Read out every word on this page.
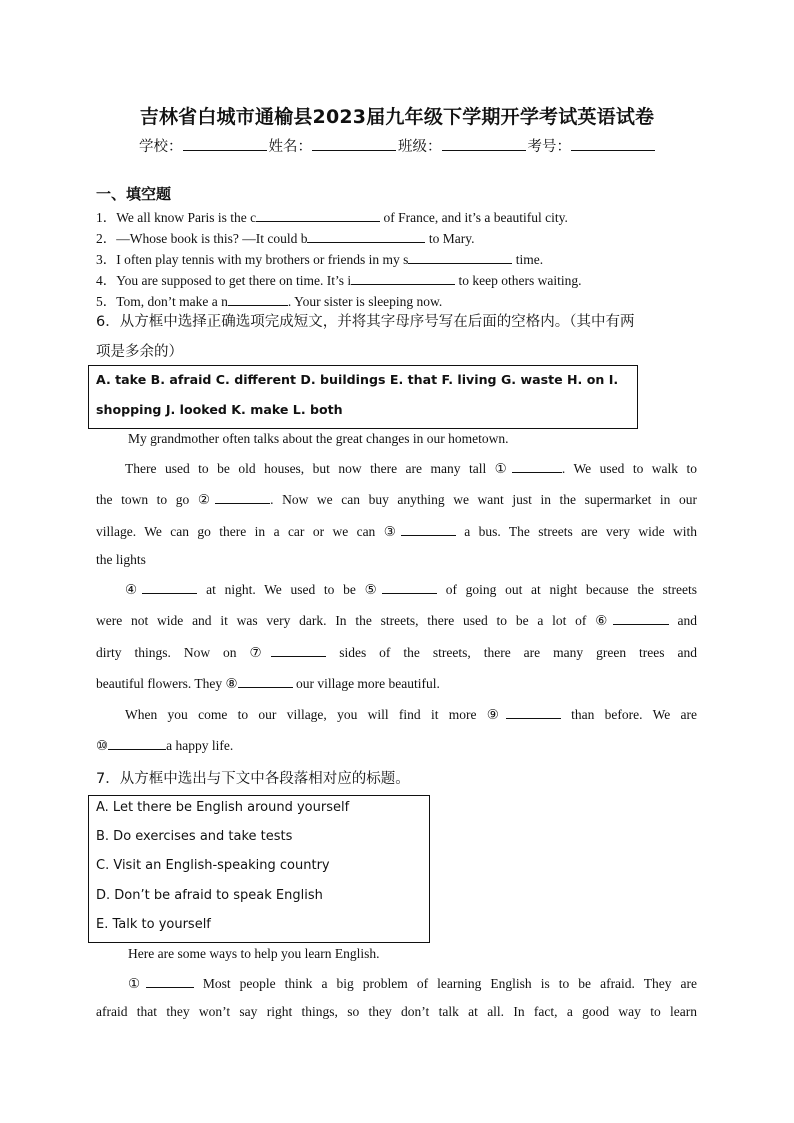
吉林省白城市通榆县2023届九年级下学期开学考试英语试卷
学校：	姓名：	班级：	考号：
一、填空题
1．We all know Paris is the c	of France, and it’s a beautiful city.
2．—Whose book is this? —It could b	to Mary.
3．I often play tennis with my brothers or friends in my s	time.
4．You are supposed to get there on time. It’s i	to keep others waiting.
5．Tom, don’t make a n	. Your sister is sleeping now.
6．从方框中选择正确选项完成短文，并将其字母序号写在后面的空格内。（其中有两
项是多余的）
A. take B. afraid C. different D. buildings E. that F. living G. waste H. on I.
shopping J. looked K. make L. both
My grandmother often talks about the great changes in our hometown.
There used to be old houses, but now there are many tall ①	. We used to walk to
the town to go ②	. Now we can buy anything we want just in the supermarket in our
village. We can go there in a car or we can ③	a bus. The streets are very wide with
the lights
④	at night. We used to be ⑤	of going out at night because the streets
were not wide and it was very dark. In the streets, there used to be a lot of ⑥	and
dirty things. Now on ⑦	sides of the streets, there are many green trees and
beautiful flowers. They ⑧	our village more beautiful.
When you come to our village, you will find it more ⑨	than before. We are
⑩	a happy life.
7．从方框中选出与下文中各段落相对应的标题。
A. Let there be English around yourself
B. Do exercises and take tests
C. Visit an English-speaking country
D. Don’t be afraid to speak English
E. Talk to yourself
Here are some ways to help you learn English.
①	Most people think a big problem of learning English is to be afraid. They are
afraid that they won’t say right things, so they don’t talk at all. In fact, a good way to learn
